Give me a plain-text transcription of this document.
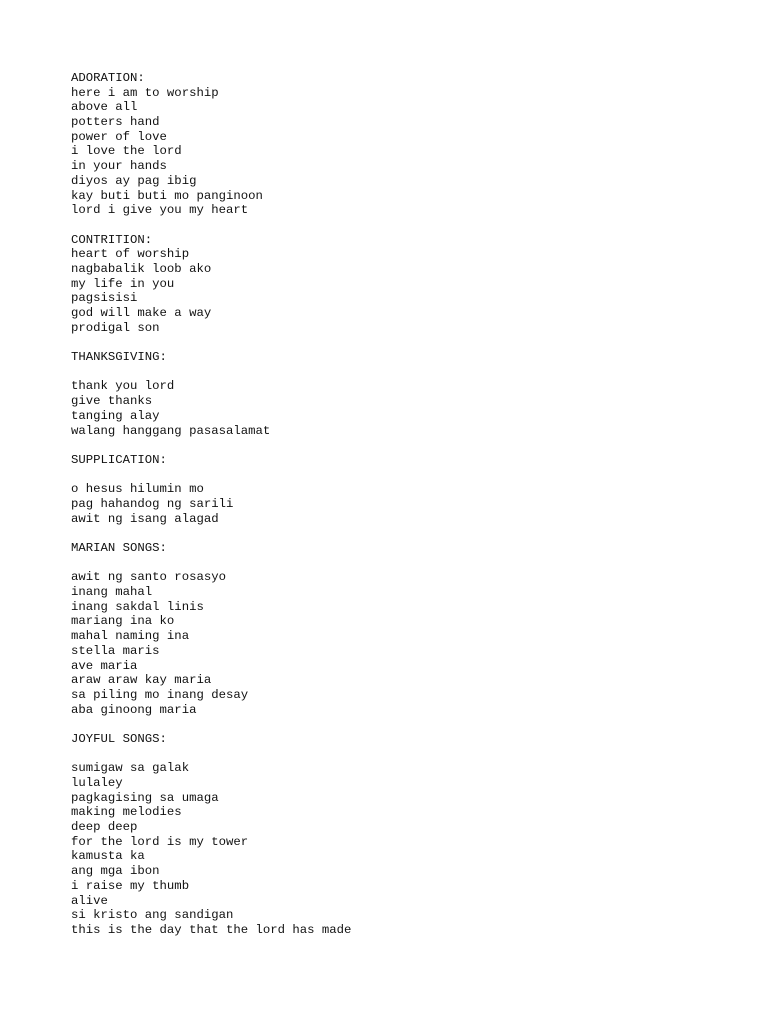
ADORATION:
here i am to worship
above all
potters hand
power of love
i love the lord
in your hands
diyos ay pag ibig
kay buti buti mo panginoon
lord i give you my heart
CONTRITION:
heart of worship
nagbabalik loob ako
my life in you
pagsisisi
god will make a way
prodigal son
THANKSGIVING:
thank you lord
give thanks
tanging alay
walang hanggang pasasalamat
SUPPLICATION:
o hesus hilumin mo
pag hahandog ng sarili
awit ng isang alagad
MARIAN SONGS:
awit ng santo rosasyo
inang mahal
inang sakdal linis
mariang ina ko
mahal naming ina
stella maris
ave maria
araw araw kay maria
sa piling mo inang desay
aba ginoong maria
JOYFUL SONGS:
sumigaw sa galak
lulaley
pagkagising sa umaga
making melodies
deep deep
for the lord is my tower
kamusta ka
ang mga ibon
i raise my thumb
alive
si kristo ang sandigan
this is the day that the lord has made
